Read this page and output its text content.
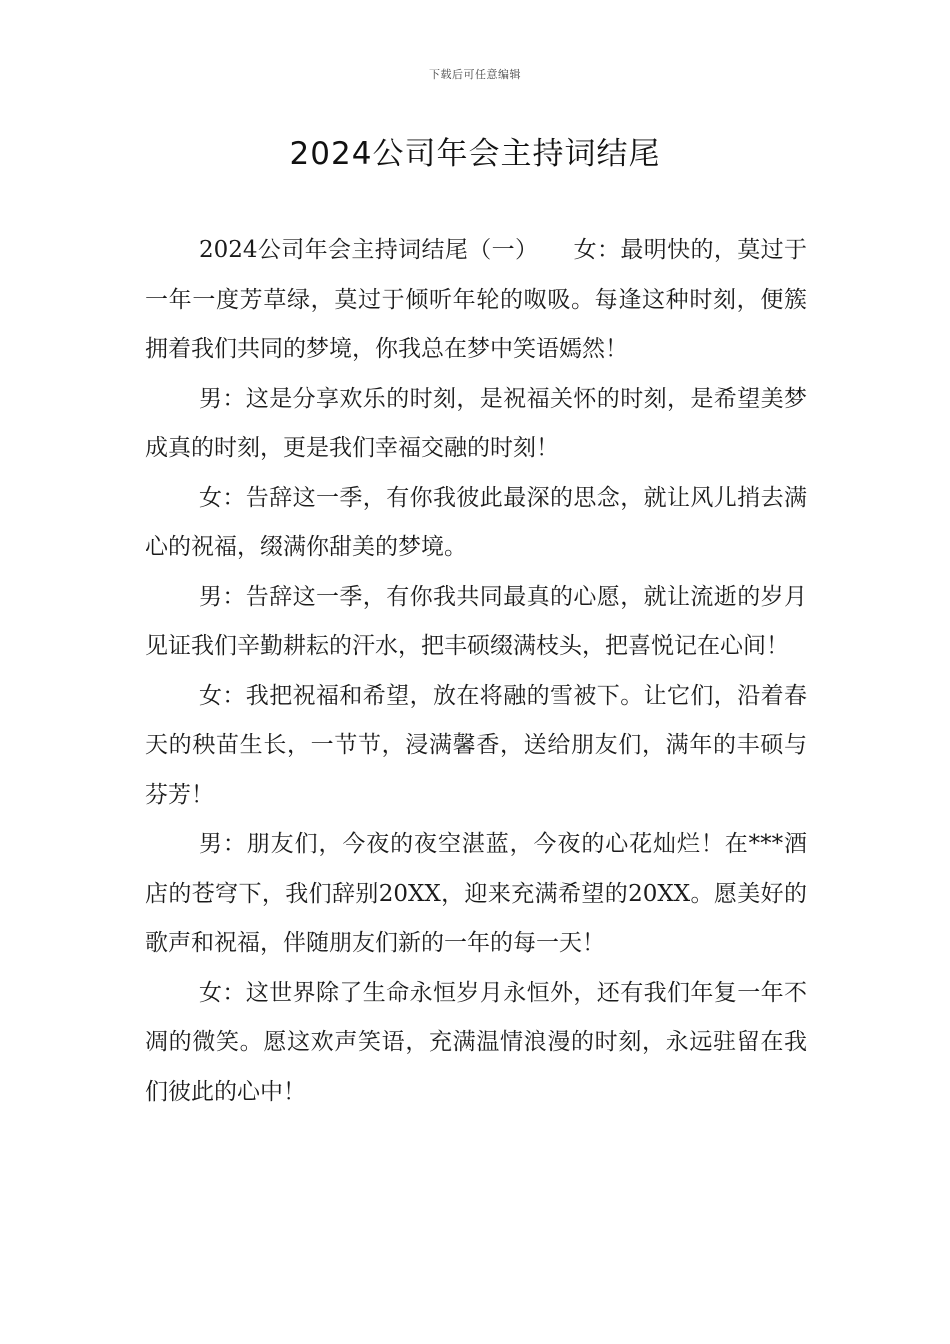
下载后可任意编辑
2024公司年会主持词结尾

2024公司年会主持词结尾（一）　　女：最明快的，莫过于一年一度芳草绿，莫过于倾听年轮的呶吸。每逢这种时刻，便簇拥着我们共同的梦境，你我总在梦中笑语嫣然！

男：这是分享欢乐的时刻，是祝福关怀的时刻，是希望美梦成真的时刻，更是我们幸福交融的时刻！

女：告辞这一季，有你我彼此最深的思念，就让风儿捎去满心的祝福，缀满你甜美的梦境。

男：告辞这一季，有你我共同最真的心愿，就让流逝的岁月见证我们辛勤耕耘的汗水，把丰硕缀满枝头，把喜悦记在心间！

女：我把祝福和希望，放在将融的雪被下。让它们，沿着春天的秧苗生长，一节节，浸满馨香，送给朋友们，满年的丰硕与芬芳！

男：朋友们，今夜的夜空湛蓝，今夜的心花灿烂！在***酒店的苍穹下，我们辞别20XX，迎来充满希望的20XX。愿美好的歌声和祝福，伴随朋友们新的一年的每一天！

女：这世界除了生命永恒岁月永恒外，还有我们年复一年不凋的微笑。愿这欢声笑语，充满温情浪漫的时刻，永远驻留在我们彼此的心中！
